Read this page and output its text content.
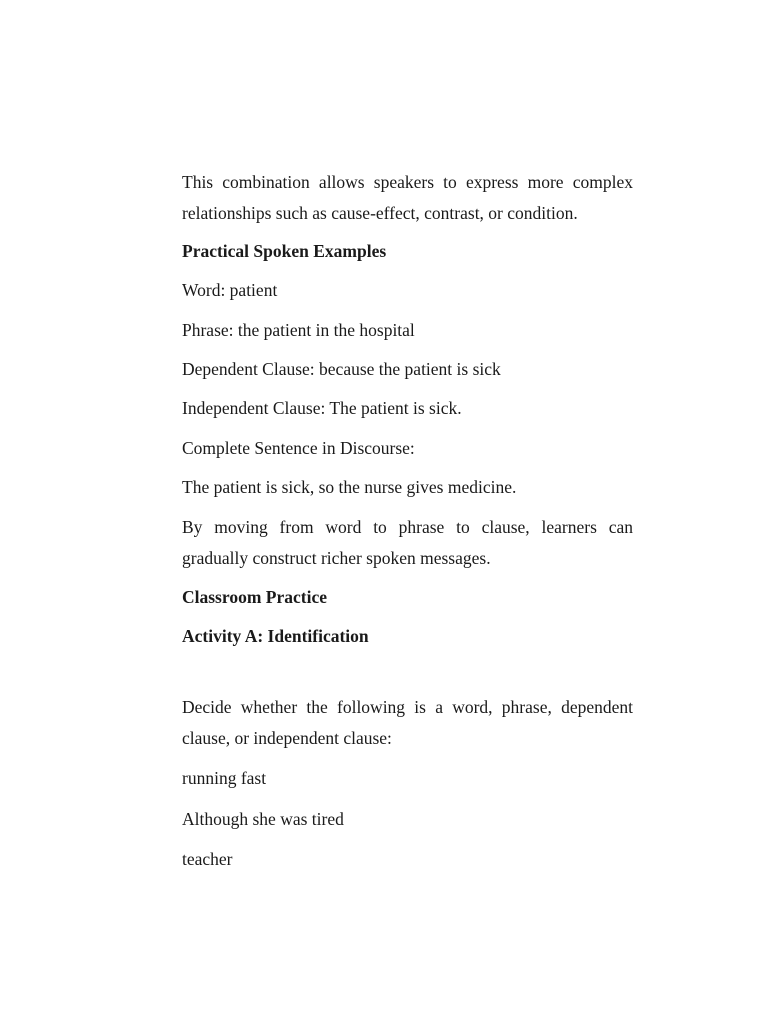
This combination allows speakers to express more complex
relationships such as cause-effect, contrast, or condition.

Practical Spoken Examples

Word: patient

Phrase: the patient in the hospital

Dependent Clause: because the patient is sick

Independent Clause: The patient is sick.

Complete Sentence in Discourse:

The patient is sick, so the nurse gives medicine.

By moving from word to phrase to clause, learners can
gradually construct richer spoken messages.

Classroom Practice

Activity A: Identification

Decide whether the following is a word, phrase, dependent
clause, or independent clause:

running fast

Although she was tired

teacher
